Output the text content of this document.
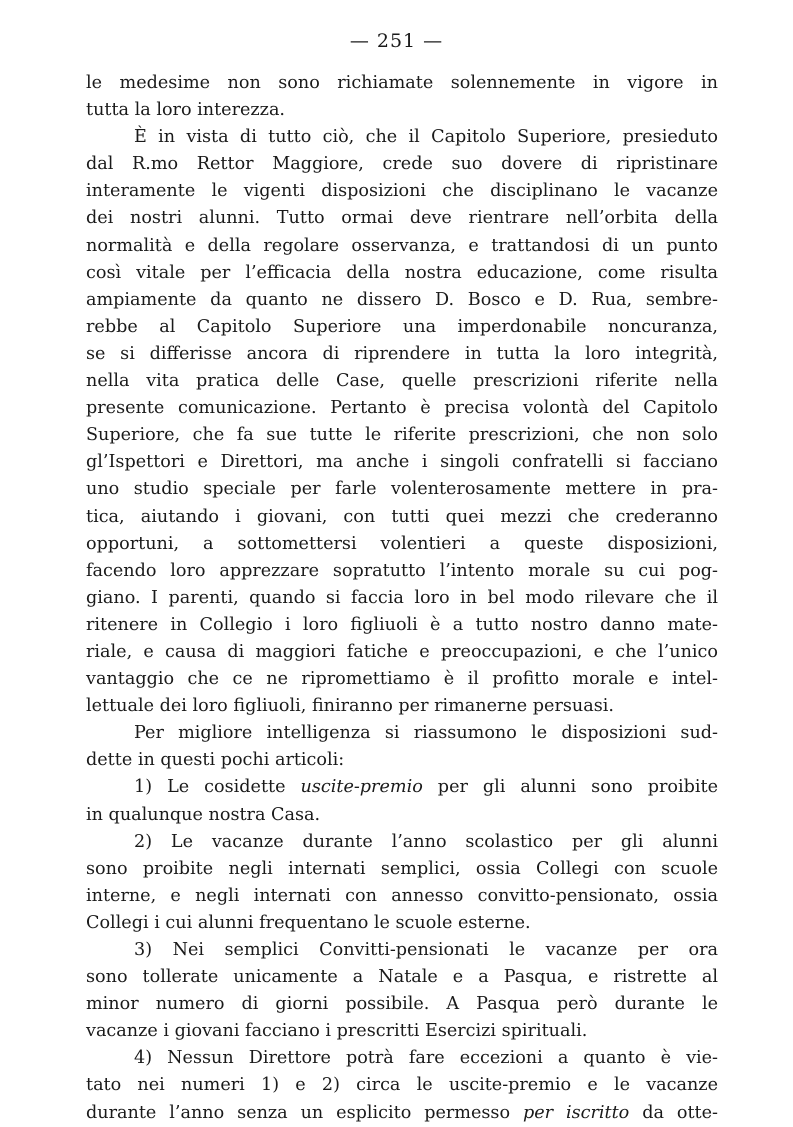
— 251 —
le medesime non sono richiamate solennemente in vigore in
tutta la loro interezza.
È in vista di tutto ciò, che il Capitolo Superiore, presieduto
dal R.mo Rettor Maggiore, crede suo dovere di ripristinare
interamente le vigenti disposizioni che disciplinano le vacanze
dei nostri alunni. Tutto ormai deve rientrare nell’orbita della
normalità e della regolare osservanza, e trattandosi di un punto
così vitale per l’efficacia della nostra educazione, come risulta
ampiamente da quanto ne dissero D. Bosco e D. Rua, sembre-
rebbe al Capitolo Superiore una imperdonabile noncuranza,
se si differisse ancora di riprendere in tutta la loro integrità,
nella vita pratica delle Case, quelle prescrizioni riferite nella
presente comunicazione. Pertanto è precisa volontà del Capitolo
Superiore, che fa sue tutte le riferite prescrizioni, che non solo
gl’Ispettori e Direttori, ma anche i singoli confratelli si facciano
uno studio speciale per farle volenterosamente mettere in pra-
tica, aiutando i giovani, con tutti quei mezzi che crederanno
opportuni, a sottomettersi volentieri a queste disposizioni,
facendo loro apprezzare sopratutto l’intento morale su cui pog-
giano. I parenti, quando si faccia loro in bel modo rilevare che il
ritenere in Collegio i loro figliuoli è a tutto nostro danno mate-
riale, e causa di maggiori fatiche e preoccupazioni, e che l’unico
vantaggio che ce ne ripromettiamo è il profitto morale e intel-
lettuale dei loro figliuoli, finiranno per rimanerne persuasi.
Per migliore intelligenza si riassumono le disposizioni sud-
dette in questi pochi articoli:
1) Le cosidette uscite-premio per gli alunni sono proibite
in qualunque nostra Casa.
2) Le vacanze durante l’anno scolastico per gli alunni
sono proibite negli internati semplici, ossia Collegi con scuole
interne, e negli internati con annesso convitto-pensionato, ossia
Collegi i cui alunni frequentano le scuole esterne.
3) Nei semplici Convitti-pensionati le vacanze per ora
sono tollerate unicamente a Natale e a Pasqua, e ristrette al
minor numero di giorni possibile. A Pasqua però durante le
vacanze i giovani facciano i prescritti Esercizi spirituali.
4) Nessun Direttore potrà fare eccezioni a quanto è vie-
tato nei numeri 1) e 2) circa le uscite-premio e le vacanze
durante l’anno senza un esplicito permesso per iscritto da otte-
